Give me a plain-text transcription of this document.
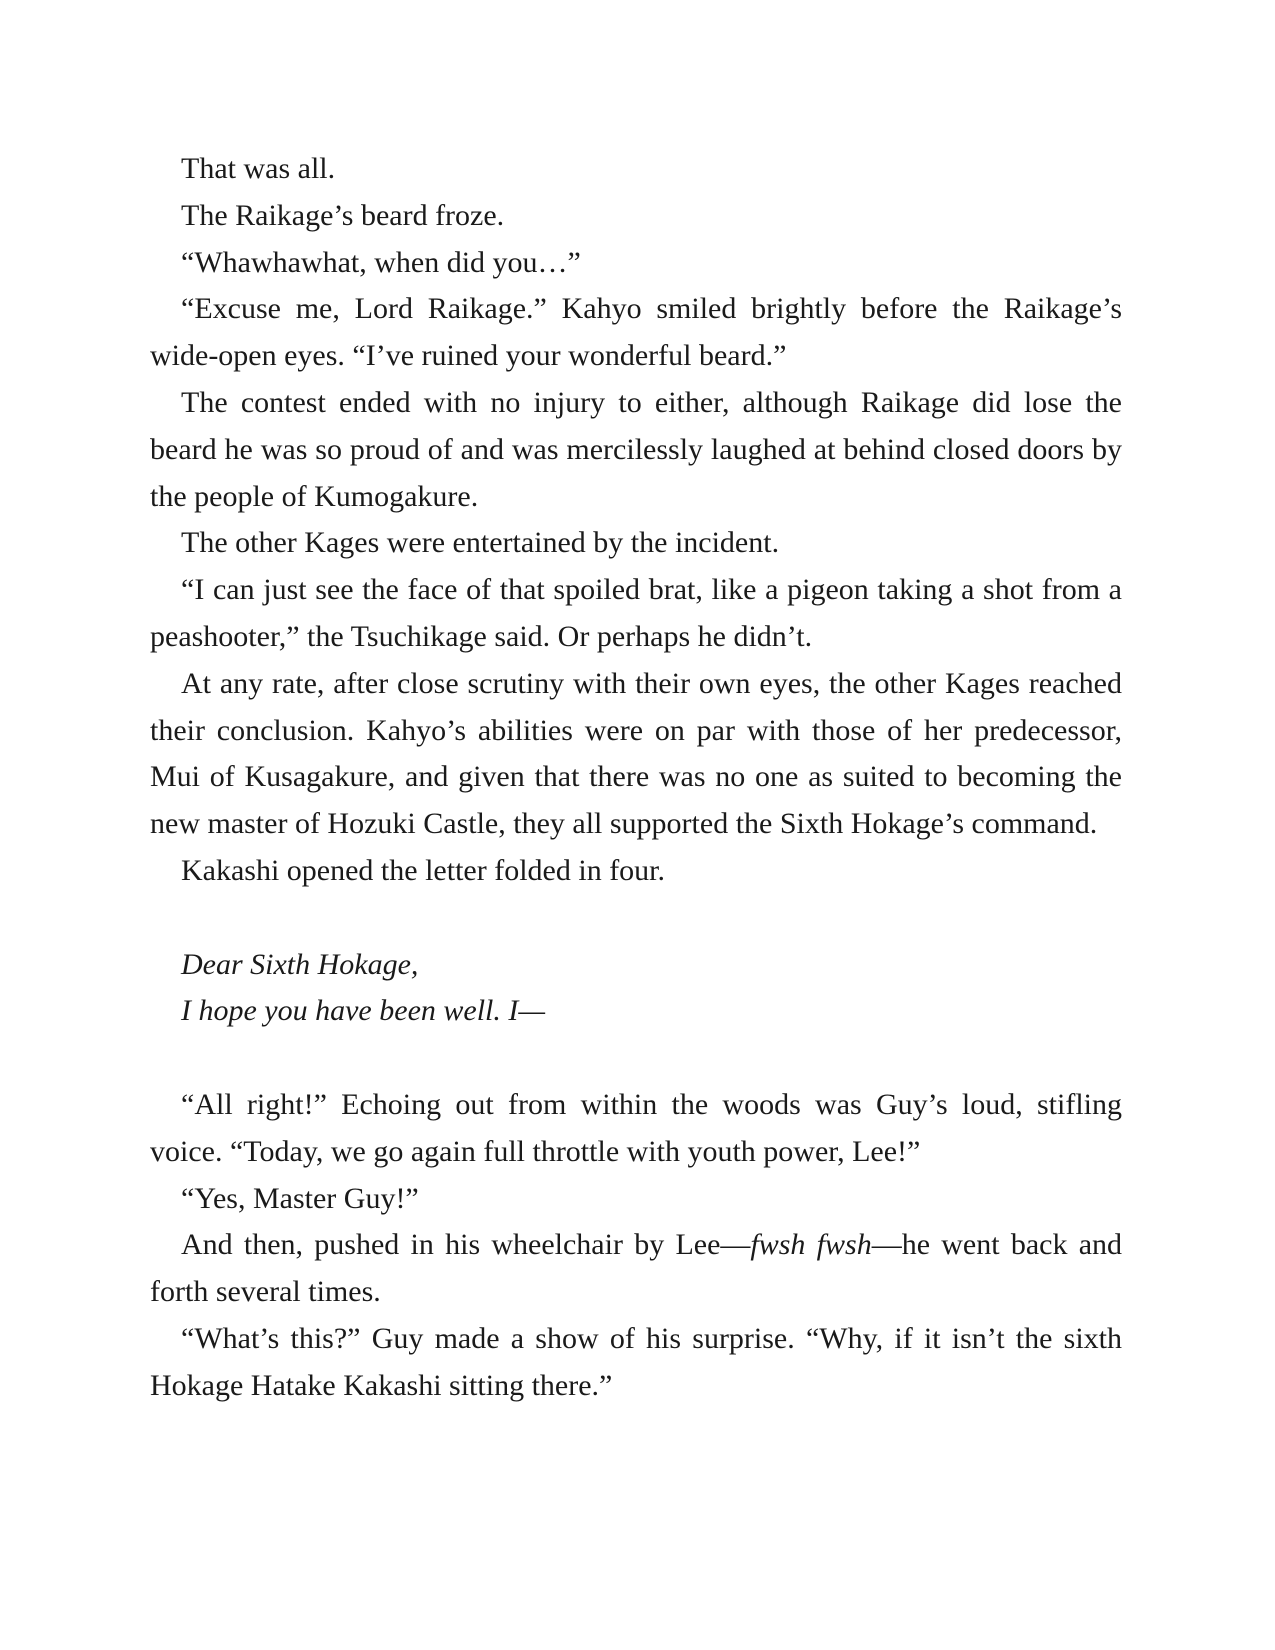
That was all.

The Raikage’s beard froze.

“Whawhawhat, when did you…”

“Excuse me, Lord Raikage.” Kahyo smiled brightly before the Raikage’s wide-open eyes. “I’ve ruined your wonderful beard.”

The contest ended with no injury to either, although Raikage did lose the beard he was so proud of and was mercilessly laughed at behind closed doors by the people of Kumogakure.

The other Kages were entertained by the incident.

“I can just see the face of that spoiled brat, like a pigeon taking a shot from a peashooter,” the Tsuchikage said. Or perhaps he didn’t.

At any rate, after close scrutiny with their own eyes, the other Kages reached their conclusion. Kahyo’s abilities were on par with those of her predecessor, Mui of Kusagakure, and given that there was no one as suited to becoming the new master of Hozuki Castle, they all supported the Sixth Hokage’s command.

Kakashi opened the letter folded in four.

Dear Sixth Hokage,

I hope you have been well. I—

“All right!” Echoing out from within the woods was Guy’s loud, stifling voice. “Today, we go again full throttle with youth power, Lee!”

“Yes, Master Guy!”

And then, pushed in his wheelchair by Lee—fwsh fwsh—he went back and forth several times.

“What’s this?” Guy made a show of his surprise. “Why, if it isn’t the sixth Hokage Hatake Kakashi sitting there.”
